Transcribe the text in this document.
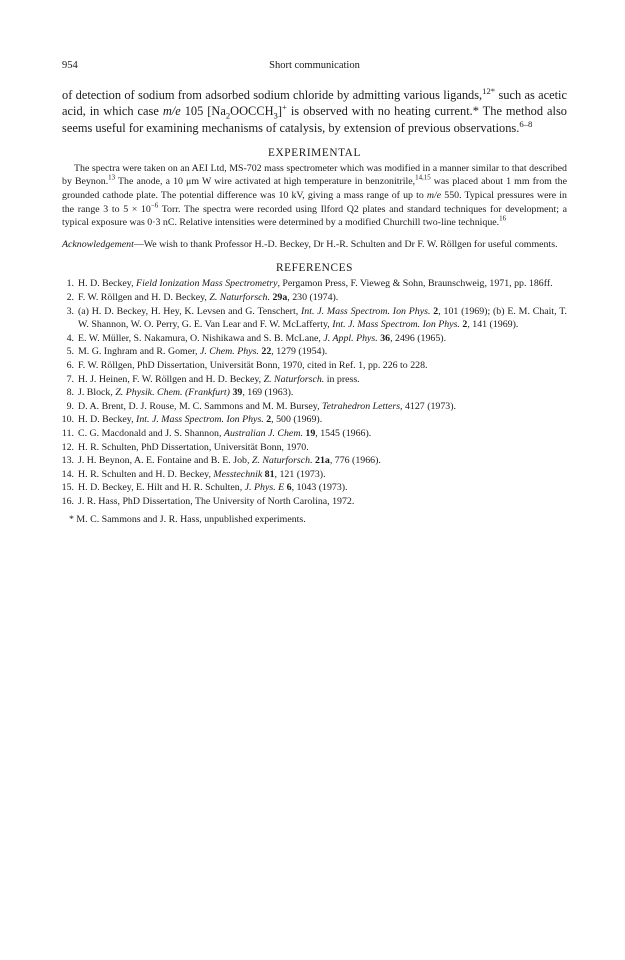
954	Short communication

of detection of sodium from adsorbed sodium chloride by admitting various ligands,$^{12*}$ such as acetic acid, in which case m/e 105 $[Na_2OOCCH_3]^+$ is observed with no heating current.* The method also seems useful for examining mechanisms of catalysis, by extension of previous observations.$^{6-8}$

EXPERIMENTAL

The spectra were taken on an AEI Ltd, MS-702 mass spectrometer which was modified in a manner similar to that described by Beynon.$^{13}$ The anode, a 10 μm W wire activated at high temperature in benzonitrile,$^{14,15}$ was placed about 1 mm from the grounded cathode plate. The potential difference was 10 kV, giving a mass range of up to m/e 550. Typical pressures were in the range 3 to $5 \times 10^{-6}$ Torr. The spectra were recorded using Ilford Q2 plates and standard techniques for development; a typical exposure was 0·3 nC. Relative intensities were determined by a modified Churchill two-line technique.$^{16}$

Acknowledgement—We wish to thank Professor H.-D. Beckey, Dr H.-R. Schulten and Dr F. W. Röllgen for useful comments.

REFERENCES
1. H. D. Beckey, Field Ionization Mass Spectrometry, Pergamon Press, F. Vieweg & Sohn, Braunschweig, 1971, pp. 186ff.
2. F. W. Röllgen and H. D. Beckey, Z. Naturforsch. 29a, 230 (1974).
3. (a) H. D. Beckey, H. Hey, K. Levsen and G. Tenschert, Int. J. Mass Spectrom. Ion Phys. 2, 101 (1969); (b) E. M. Chait, T. W. Shannon, W. O. Perry, G. E. Van Lear and F. W. McLafferty, Int. J. Mass Spectrom. Ion Phys. 2, 141 (1969).
4. E. W. Müller, S. Nakamura, O. Nishikawa and S. B. McLane, J. Appl. Phys. 36, 2496 (1965).
5. M. G. Inghram and R. Gomer, J. Chem. Phys. 22, 1279 (1954).
6. F. W. Röllgen, PhD Dissertation, Universität Bonn, 1970, cited in Ref. 1, pp. 226 to 228.
7. H. J. Heinen, F. W. Röllgen and H. D. Beckey, Z. Naturforsch. in press.
8. J. Block, Z. Physik. Chem. (Frankfurt) 39, 169 (1963).
9. D. A. Brent, D. J. Rouse, M. C. Sammons and M. M. Bursey, Tetrahedron Letters, 4127 (1973).
10. H. D. Beckey, Int. J. Mass Spectrom. Ion Phys. 2, 500 (1969).
11. C. G. Macdonald and J. S. Shannon, Australian J. Chem. 19, 1545 (1966).
12. H. R. Schulten, PhD Dissertation, Universität Bonn, 1970.
13. J. H. Beynon, A. E. Fontaine and B. E. Job, Z. Naturforsch. 21a, 776 (1966).
14. H. R. Schulten and H. D. Beckey, Messtechnik 81, 121 (1973).
15. H. D. Beckey, E. Hilt and H. R. Schulten, J. Phys. E 6, 1043 (1973).
16. J. R. Hass, PhD Dissertation, The University of North Carolina, 1972.
* M. C. Sammons and J. R. Hass, unpublished experiments.
